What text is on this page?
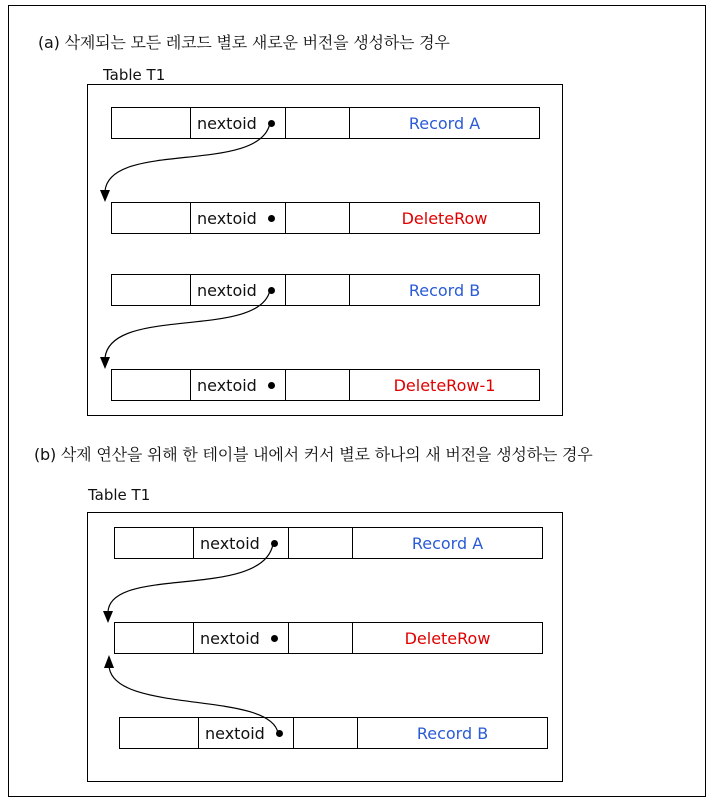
(a) 삭제되는 모든 레코드 별로 새로운 버전을 생성하는 경우
Table T1
nextoid	Record A
nextoid	DeleteRow
nextoid	Record B
nextoid	DeleteRow-1
(b) 삭제 연산을 위해 한 테이블 내에서 커서 별로 하나의 새 버전을 생성하는 경우
Table T1
nextoid	Record A
nextoid	DeleteRow
nextoid	Record B
